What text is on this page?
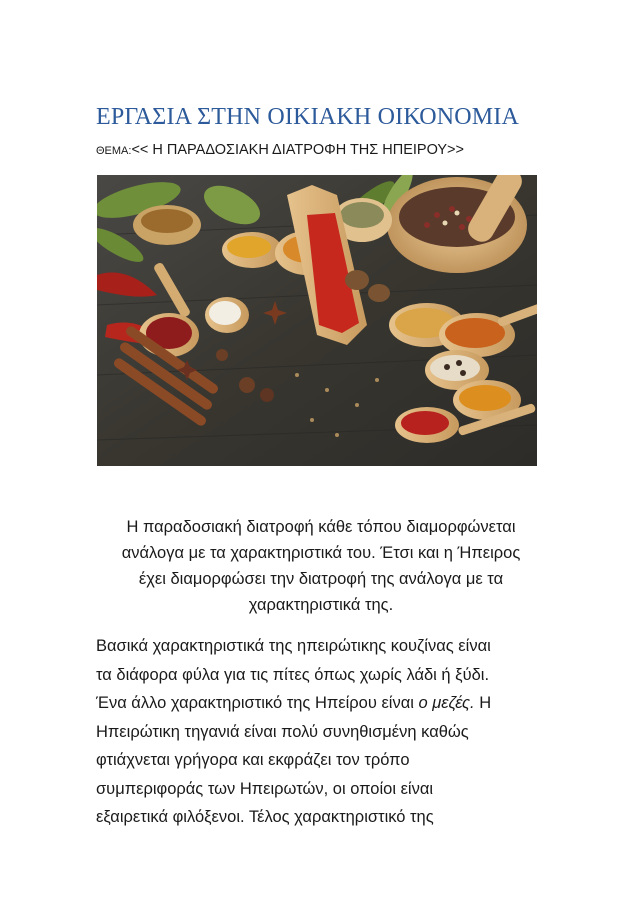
ΕΡΓΑΣΙΑ ΣΤΗΝ ΟΙΚΙΑΚΗ ΟΙΚΟΝΟΜΙΑ
ΘΕΜΑ:<< Η ΠΑΡΑΔΟΣΙΑΚΗ ΔΙΑΤΡΟΦΗ ΤΗΣ ΗΠΕΙΡΟΥ>>

Η παραδοσιακή διατροφή κάθε τόπου διαμορφώνεται
ανάλογα με τα χαρακτηριστικά του. Έτσι και η Ήπειρος
έχει διαμορφώσει την διατροφή της ανάλογα με τα
χαρακτηριστικά της.

Βασικά χαρακτηριστικά της ηπειρώτικης κουζίνας είναι
τα διάφορα φύλα για τις πίτες όπως χωρίς λάδι ή ξύδι.
Ένα άλλο χαρακτηριστικό της Ηπείρου είναι ο μεζές. Η
Ηπειρώτικη τηγανιά είναι πολύ συνηθισμένη καθώς
φτιάχνεται γρήγορα και εκφράζει τον τρόπο
συμπεριφοράς των Ηπειρωτών, οι οποίοι είναι
εξαιρετικά φιλόξενοι. Τέλος χαρακτηριστικό της
